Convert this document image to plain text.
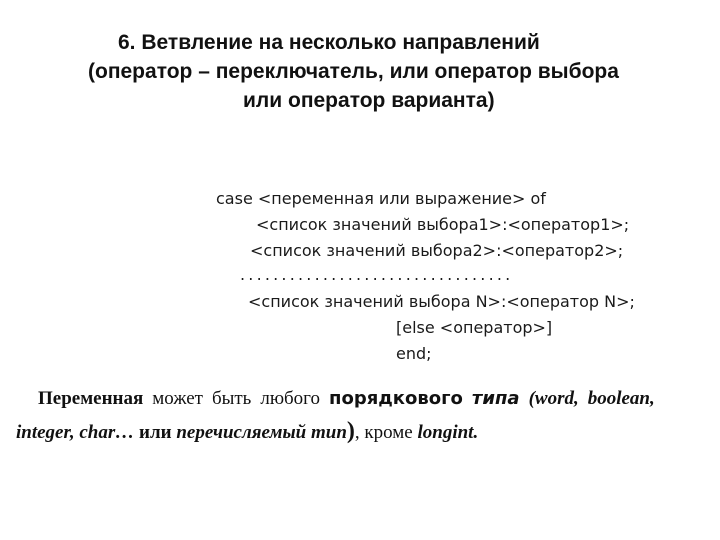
6. Ветвление на несколько направлений
(оператор – переключатель, или оператор выбора
или оператор варианта)
case <переменная или выражение> of
<список значений выбора1>:<оператор1>;
<список значений выбора2>:<оператор2>;
.................................
<список значений выбора N>:<оператор N>;
[else <оператор>]
end;
Переменная может быть любого порядкового типа (word, boolean,
integer, char… или перечисляемый тип), кроме longint.
